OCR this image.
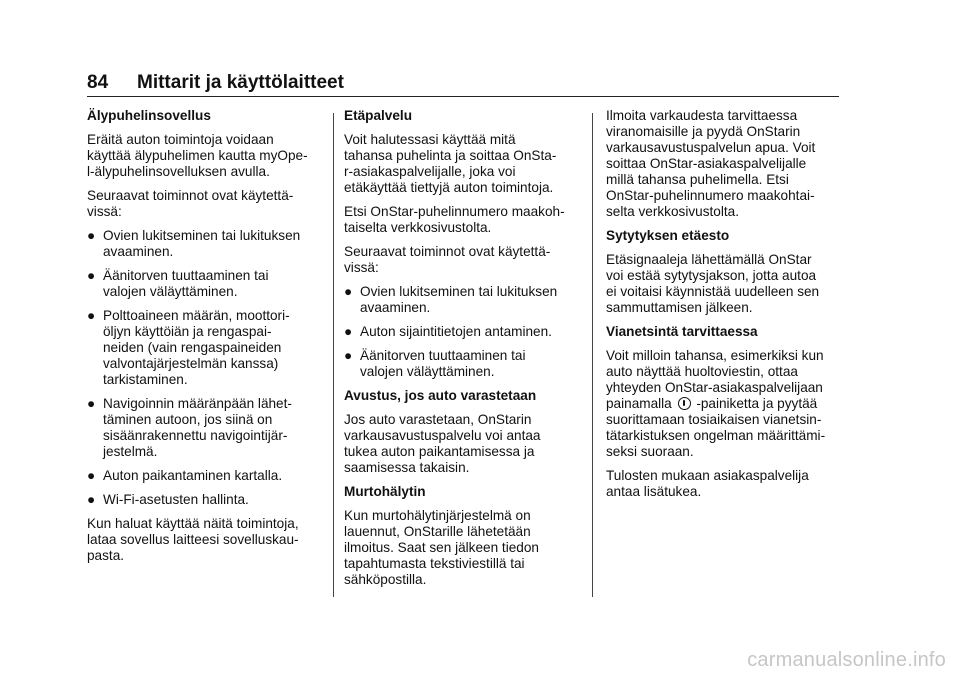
84 Mittarit ja käyttölaitteet
Älypuhelinsovellus
Eräitä auton toimintoja voidaan
käyttää älypuhelimen kautta myOpe-
l-älypuhelinsovelluksen avulla.
Seuraavat toiminnot ovat käytettä-
vissä:
● Ovien lukitseminen tai lukituksen
avaaminen.
● Äänitorven tuuttaaminen tai
valojen väläyttäminen.
● Polttoaineen määrän, moottori-
öljyn käyttöiän ja rengaspai-
neiden (vain rengaspaineiden
valvontajärjestelmän kanssa)
tarkistaminen.
● Navigoinnin määränpään lähet-
täminen autoon, jos siinä on
sisäänrakennettu navigointijär-
jestelmä.
● Auton paikantaminen kartalla.
● Wi-Fi-asetusten hallinta.
Kun haluat käyttää näitä toimintoja,
lataa sovellus laitteesi sovelluskau-
pasta.
Etäpalvelu
Voit halutessasi käyttää mitä
tahansa puhelinta ja soittaa OnSta-
r-asiakaspalvelijalle, joka voi
etäkäyttää tiettyjä auton toimintoja.
Etsi OnStar-puhelinnumero maakoh-
taiselta verkkosivustolta.
Seuraavat toiminnot ovat käytettä-
vissä:
● Ovien lukitseminen tai lukituksen
avaaminen.
● Auton sijaintitietojen antaminen.
● Äänitorven tuuttaaminen tai
valojen väläyttäminen.
Avustus, jos auto varastetaan
Jos auto varastetaan, OnStarin
varkausavustuspalvelu voi antaa
tukea auton paikantamisessa ja
saamisessa takaisin.
Murtohälytin
Kun murtohälytinjärjestelmä on
lauennut, OnStarille lähetetään
ilmoitus. Saat sen jälkeen tiedon
tapahtumasta tekstiviestillä tai
sähköpostilla.
Ilmoita varkaudesta tarvittaessa
viranomaisille ja pyydä OnStarin
varkausavustuspalvelun apua. Voit
soittaa OnStar-asiakaspalvelijalle
millä tahansa puhelimella. Etsi
OnStar-puhelinnumero maakohtai-
selta verkkosivustolta.
Sytytyksen etäesto
Etäsignaaleja lähettämällä OnStar
voi estää sytytysjakson, jotta autoa
ei voitaisi käynnistää uudelleen sen
sammuttamisen jälkeen.
Vianetsintä tarvittaessa
Voit milloin tahansa, esimerkiksi kun
auto näyttää huoltoviestin, ottaa
yhteyden OnStar-asiakaspalvelijaan
painamalla -painiketta ja pyytää
suorittamaan tosiaikaisen vianetsin-
tätarkistuksen ongelman määrittämi-
seksi suoraan.
Tulosten mukaan asiakaspalvelija
antaa lisätukea.
carmanualsonline.info
